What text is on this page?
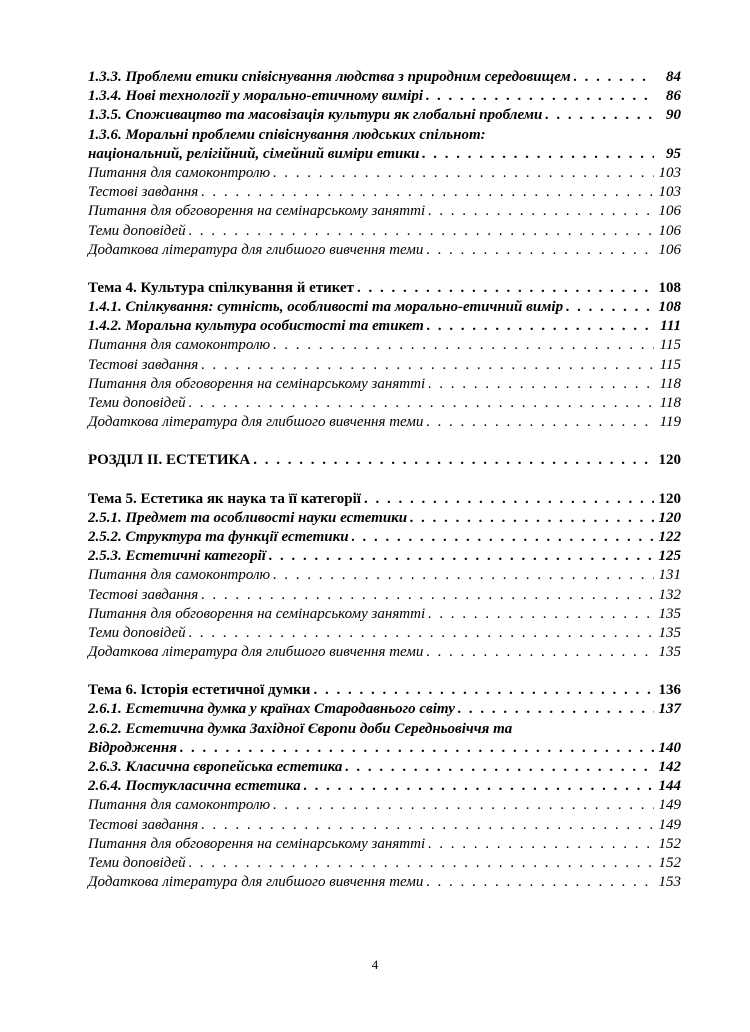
1.3.3. Проблеми етики співіснування людства з природним середовищем . . .	84
1.3.4. Нові технології у морально-етичному вимірі . . .	86
1.3.5. Споживацтво та масовізація культури як глобальні проблеми . . .	90
1.3.6. Моральні проблеми співіснування людських спільнот:
національний, релігійний, сімейний виміри етики . . .	95
Питання для самоконтролю . . .	103
Тестові завдання . . .	103
Питання для обговорення на семінарському занятті . . .	106
Теми доповідей . . .	106
Додаткова література для глибшого вивчення теми . . .	106
Тема 4. Культура спілкування й етикет . . .	108
1.4.1. Спілкування: сутність, особливості та морально-етичний вимір . . .	108
1.4.2. Моральна культура особистості та етикет . . .	111
Питання для самоконтролю . . .	115
Тестові завдання . . .	115
Питання для обговорення на семінарському занятті . . .	118
Теми доповідей . . .	118
Додаткова література для глибшого вивчення теми . . .	119
РОЗДІЛ ІІ. ЕСТЕТИКА . . .	120
Тема 5. Естетика як наука та її категорії . . .	120
2.5.1. Предмет та особливості науки естетики . . .	120
2.5.2. Структура та функції естетики . . .	122
2.5.3. Естетичні категорії . . .	125
Питання для самоконтролю . . .	131
Тестові завдання . . .	132
Питання для обговорення на семінарському занятті . . .	135
Теми доповідей . . .	135
Додаткова література для глибшого вивчення теми . . .	135
Тема 6. Історія естетичної думки . . .	136
2.6.1. Естетична думка у країнах Стародавнього світу . . .	137
2.6.2. Естетична думка Західної Європи доби Середньовіччя та
Відродження . . .	140
2.6.3. Класична європейська естетика . . .	142
2.6.4. Постукласична естетика . . .	144
Питання для самоконтролю . . .	149
Тестові завдання . . .	149
Питання для обговорення на семінарському занятті . . .	152
Теми доповідей . . .	152
Додаткова література для глибшого вивчення теми . . .	153
4
